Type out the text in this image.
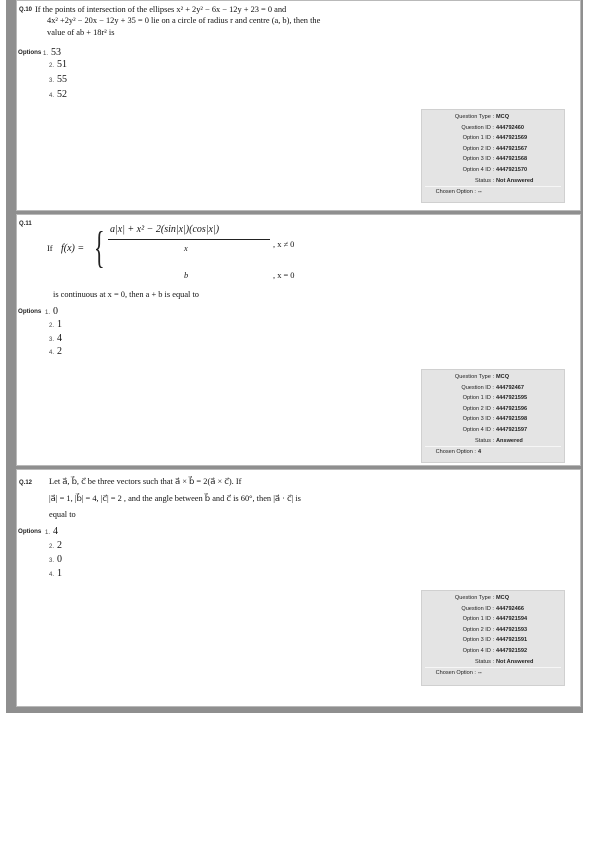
Q.10 If the points of intersection of the ellipses x² + 2y² − 6x − 12y + 23 = 0 and
4x² +2y² − 20x − 12y + 35 = 0 lie on a circle of radius r and centre (a, b), then the
value of ab + 18r² is
Options 1. 53
2. 51
3. 55
4. 52
Question Type : MCQ
Question ID : 444792460
Option 1 ID : 4447921569
Option 2 ID : 4447921567
Option 3 ID : 4447921568
Option 4 ID : 4447921570
Status : Not Answered
Chosen Option : --
Q.11
If f(x) = { a|x| + x² − 2(sin|x|)(cos|x|)
x	, x ≠ 0
b	, x = 0
is continuous at x = 0, then a + b is equal to
Options 1. 0
2. 1
3. 4
4. 2
Question Type : MCQ
Question ID : 444792467
Option 1 ID : 4447921595
Option 2 ID : 4447921596
Option 3 ID : 4447921598
Option 4 ID : 4447921597
Status : Answered
Chosen Option : 4
Q.12 Let a⃗, b⃗, c⃗ be three vectors such that a⃗ × b⃗ = 2(a⃗ × c⃗). If
|a⃗| = 1, |b⃗| = 4, |c⃗| = 2 , and the angle between b⃗ and c⃗ is 60°, then |a⃗ · c⃗| is
equal to
Options 1. 4
2. 2
3. 0
4. 1
Question Type : MCQ
Question ID : 444792466
Option 1 ID : 4447921594
Option 2 ID : 4447921593
Option 3 ID : 4447921591
Option 4 ID : 4447921592
Status : Not Answered
Chosen Option : --
